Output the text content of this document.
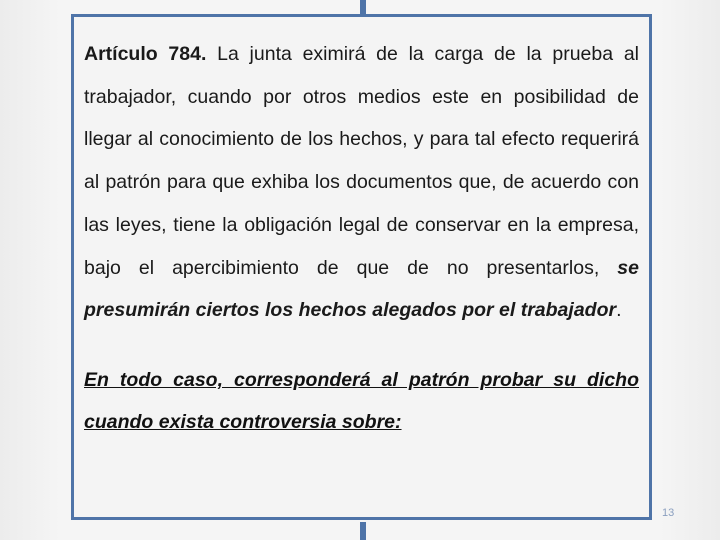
Artículo 784. La junta eximirá de la carga de la prueba al trabajador, cuando por otros medios este en posibilidad de llegar al conocimiento de los hechos, y para tal efecto requerirá al patrón para que exhiba los documentos que, de acuerdo con las leyes, tiene la obligación legal de conservar en la empresa, bajo el apercibimiento de que de no presentarlos, se presumirán ciertos los hechos alegados por el trabajador.

En todo caso, corresponderá al patrón probar su dicho cuando exista controversia sobre:
13
